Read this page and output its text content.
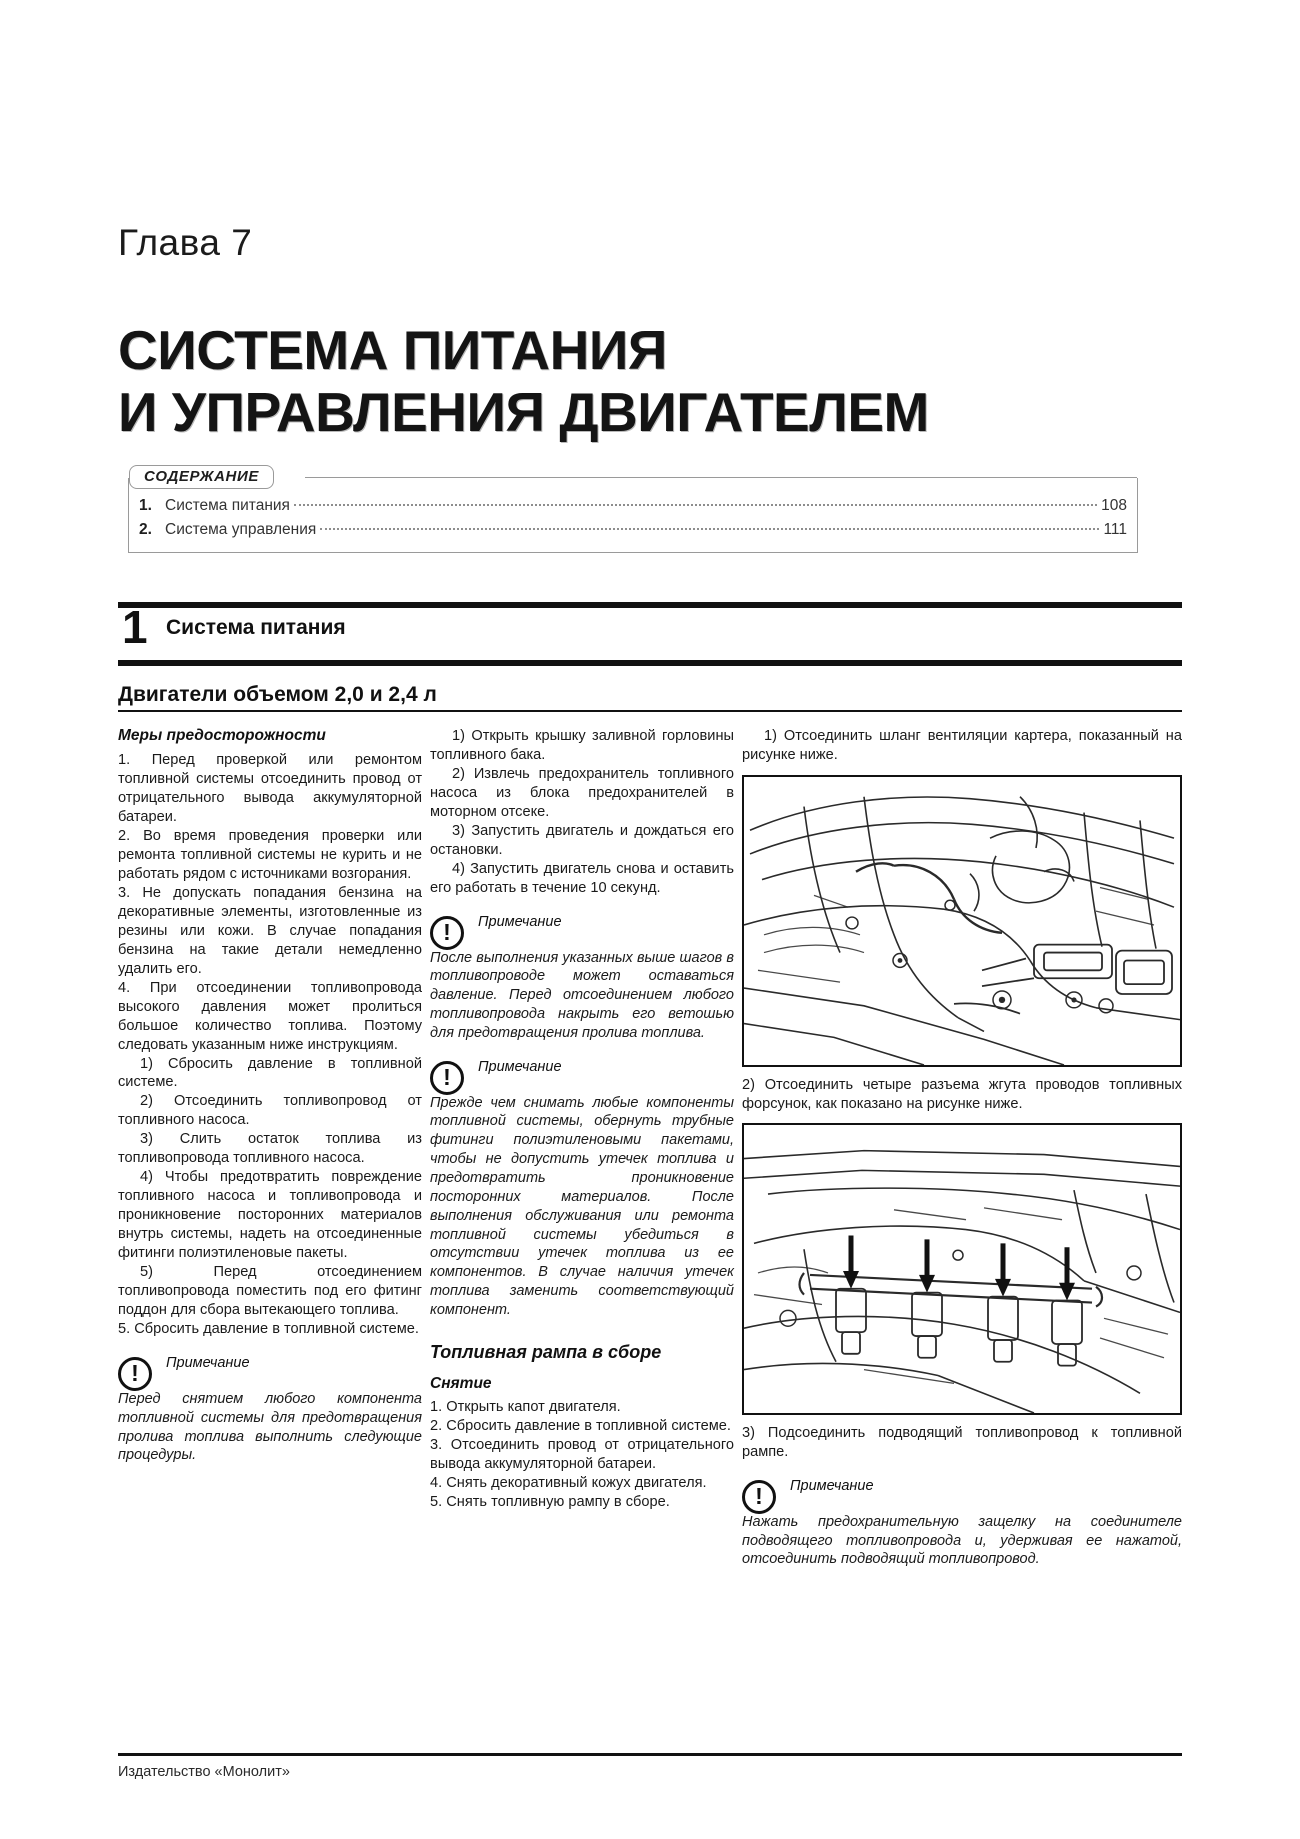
Глава 7
СИСТЕМА ПИТАНИЯ
И УПРАВЛЕНИЯ ДВИГАТЕЛЕМ
СОДЕРЖАНИЕ
1. Система питания	108
2. Система управления	111
1 Система питания
Двигатели объемом 2,0 и 2,4 л
Меры предосторожности

1. Перед проверкой или ремонтом топливной системы отсоединить провод от отрицательного вывода аккумуляторной батареи.

2. Во время проведения проверки или ремонта топливной системы не курить и не работать рядом с источниками возгорания.

3. Не допускать попадания бензина на декоративные элементы, изготовленные из резины или кожи. В случае попадания бензина на такие детали немедленно удалить его.

4. При отсоединении топливопровода высокого давления может пролиться большое количество топлива. Поэтому следовать указанным ниже инструкциям.

1) Сбросить давление в топливной системе.

2) Отсоединить топливопровод от топливного насоса.

3) Слить остаток топлива из топливопровода топливного насоса.

4) Чтобы предотвратить повреждение топливного насоса и топливопровода и проникновение посторонних материалов внутрь системы, надеть на отсоединенные фитинги полиэтиленовые пакеты.

5) Перед отсоединением топливопровода поместить под его фитинг поддон для сбора вытекающего топлива.

5. Сбросить давление в топливной системе.

!
Примечание

Перед снятием любого компонента топливной системы для предотвращения пролива топлива выполнить следующие процедуры.

1) Открыть крышку заливной горловины топливного бака.

2) Извлечь предохранитель топливного насоса из блока предохранителей в моторном отсеке.

3) Запустить двигатель и дождаться его остановки.

4) Запустить двигатель снова и оставить его работать в течение 10 секунд.

!
Примечание

После выполнения указанных выше шагов в топливопроводе может оставаться давление. Перед отсоединением любого топливопровода накрыть его ветошью для предотвращения пролива топлива.
!
Примечание

Прежде чем снимать любые компоненты топливной системы, обернуть трубные фитинги полиэтиленовыми пакетами, чтобы не допустить утечек топлива и предотвратить проникновение посторонних материалов. После выполнения обслуживания или ремонта топливной системы убедиться в отсутствии утечек топлива из ее компонентов. В случае наличия утечек топлива заменить соответствующий компонент.
Топливная рампа в сборе
Снятие

1. Открыть капот двигателя.

2. Сбросить давление в топливной системе.

3. Отсоединить провод от отрицательного вывода аккумуляторной батареи.

4. Снять декоративный кожух двигателя.

5. Снять топливную рампу в сборе.

1) Отсоединить шланг вентиляции картера, показанный на рисунке ниже.

2) Отсоединить четыре разъема жгута проводов топливных форсунок, как показано на рисунке ниже.
3) Подсоединить подводящий топливопровод к топливной рампе.
!
Примечание

Нажать предохранительную защелку на соединителе подводящего топливопровода и, удерживая ее нажатой, отсоединить подводящий топливопровод.
Издательство «Монолит»
